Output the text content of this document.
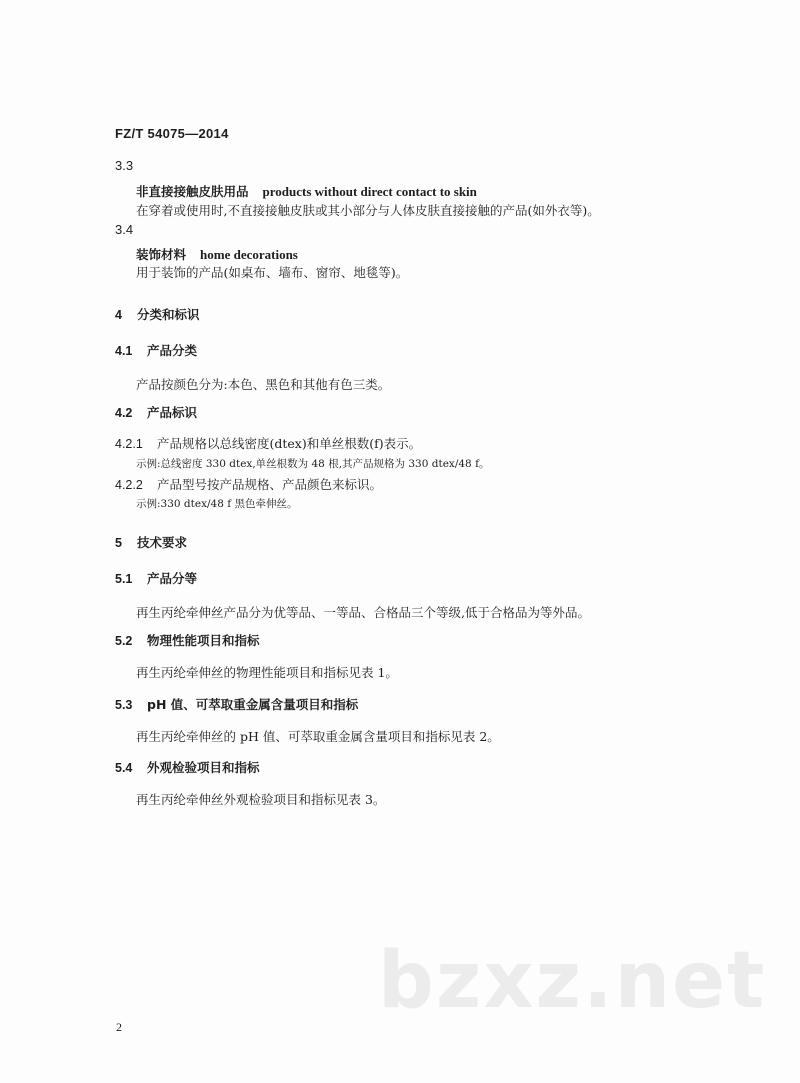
FZ/T 54075—2014
3.3
非直接接触皮肤用品 products without direct contact to skin
在穿着或使用时,不直接接触皮肤或其小部分与人体皮肤直接接触的产品(如外衣等)。
3.4
装饰材料 home decorations
用于装饰的产品(如桌布、墙布、窗帘、地毯等)。
4 分类和标识
4.1 产品分类
产品按颜色分为:本色、黑色和其他有色三类。
4.2 产品标识
4.2.1 产品规格以总线密度(dtex)和单丝根数(f)表示。
示例:总线密度 330 dtex,单丝根数为 48 根,其产品规格为 330 dtex/48 f。
4.2.2 产品型号按产品规格、产品颜色来标识。
示例:330 dtex/48 f 黑色牵伸丝。
5 技术要求
5.1 产品分等
再生丙纶牵伸丝产品分为优等品、一等品、合格品三个等级,低于合格品为等外品。
5.2 物理性能项目和指标
再生丙纶牵伸丝的物理性能项目和指标见表 1。
5.3 pH 值、可萃取重金属含量项目和指标
再生丙纶牵伸丝的 pH 值、可萃取重金属含量项目和指标见表 2。
5.4 外观检验项目和指标
再生丙纶牵伸丝外观检验项目和指标见表 3。
bzxz.net
2
